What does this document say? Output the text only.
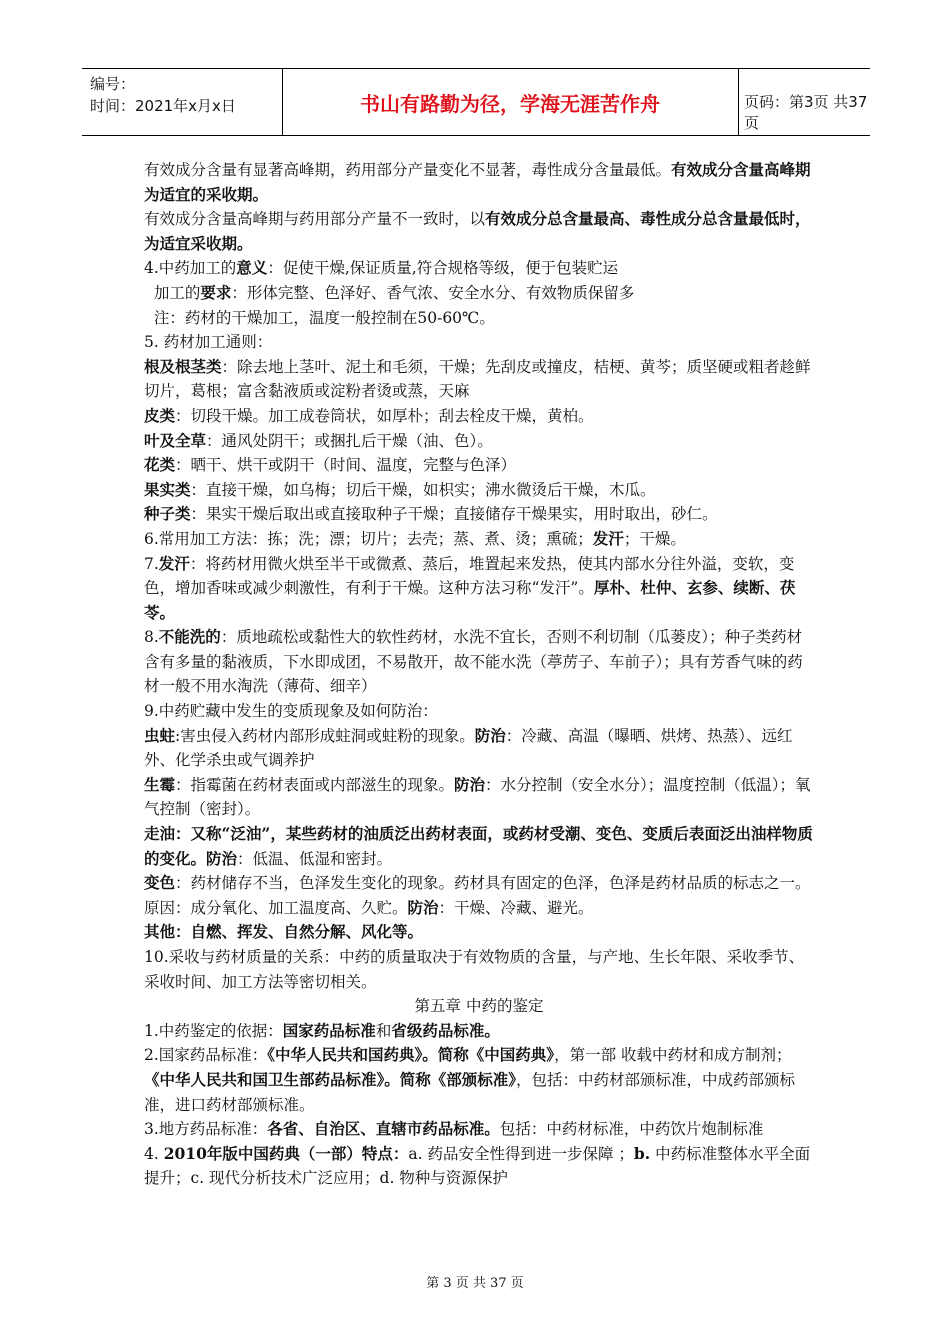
编号：
时间：2021年x月x日	书山有路勤为径，学海无涯苦作舟	页码：第3页 共37页

有效成分含量有显著高峰期，药用部分产量变化不显著，毒性成分含量最低。有效成分含量高峰期为适宜的采收期。

有效成分含量高峰期与药用部分产量不一致时，以有效成分总含量最高、毒性成分总含量最低时，为适宜采收期。

4.中药加工的意义：促使干燥,保证质量,符合规格等级，便于包装贮运

加工的要求：形体完整、色泽好、香气浓、安全水分、有效物质保留多

注：药材的干燥加工，温度一般控制在50-60℃。

5. 药材加工通则：

根及根茎类：除去地上茎叶、泥土和毛须，干燥；先刮皮或撞皮，桔梗、黄芩；质坚硬或粗者趁鲜切片，葛根；富含黏液质或淀粉者烫或蒸，天麻

皮类：切段干燥。加工成卷筒状，如厚朴；刮去栓皮干燥，黄柏。

叶及全草：通风处阴干；或捆扎后干燥（油、色）。

花类：晒干、烘干或阴干（时间、温度，完整与色泽）

果实类：直接干燥，如乌梅；切后干燥，如枳实；沸水微烫后干燥，木瓜。

种子类：果实干燥后取出或直接取种子干燥；直接储存干燥果实，用时取出，砂仁。

6.常用加工方法：拣；洗；漂；切片；去壳；蒸、煮、烫；熏硫；发汗；干燥。

7.发汗：将药材用微火烘至半干或微煮、蒸后，堆置起来发热，使其内部水分往外溢，变软，变色，增加香味或减少刺激性，有利于干燥。这种方法习称“发汗”。厚朴、杜仲、玄参、续断、茯苓。

8.不能洗的：质地疏松或黏性大的软性药材，水洗不宜长，否则不利切制（瓜蒌皮）；种子类药材含有多量的黏液质，下水即成团，不易散开，故不能水洗（葶苈子、车前子）；具有芳香气味的药材一般不用水淘洗（薄荷、细辛）

9.中药贮藏中发生的变质现象及如何防治：

虫蛀:害虫侵入药材内部形成蛀洞或蛀粉的现象。防治：冷藏、高温（曝晒、烘烤、热蒸）、远红外、化学杀虫或气调养护

生霉：指霉菌在药材表面或内部滋生的现象。防治：水分控制（安全水分）；温度控制（低温）；氧气控制（密封）。

走油：又称“泛油”，某些药材的油质泛出药材表面，或药材受潮、变色、变质后表面泛出油样物质的变化。防治：低温、低湿和密封。

变色：药材储存不当，色泽发生变化的现象。药材具有固定的色泽，色泽是药材品质的标志之一。原因：成分氧化、加工温度高、久贮。防治：干燥、冷藏、避光。

其他：自燃、挥发、自然分解、风化等。

10.采收与药材质量的关系：中药的质量取决于有效物质的含量，与产地、生长年限、采收季节、采收时间、加工方法等密切相关。

第五章 中药的鉴定

1.中药鉴定的依据：国家药品标准和省级药品标准。

2.国家药品标准：《中华人民共和国药典》。简称《中国药典》，第一部 收载中药材和成方制剂；《中华人民共和国卫生部药品标准》。简称《部颁标准》，包括：中药材部颁标准，中成药部颁标准，进口药材部颁标准。

3.地方药品标准：各省、自治区、直辖市药品标准。包括：中药材标准，中药饮片炮制标准

4. 2010年版中国药典（一部）特点：a. 药品安全性得到进一步保障 ；b. 中药标准整体水平全面提升；c. 现代分析技术广泛应用；d. 物种与资源保护

第 3 页 共 37 页
